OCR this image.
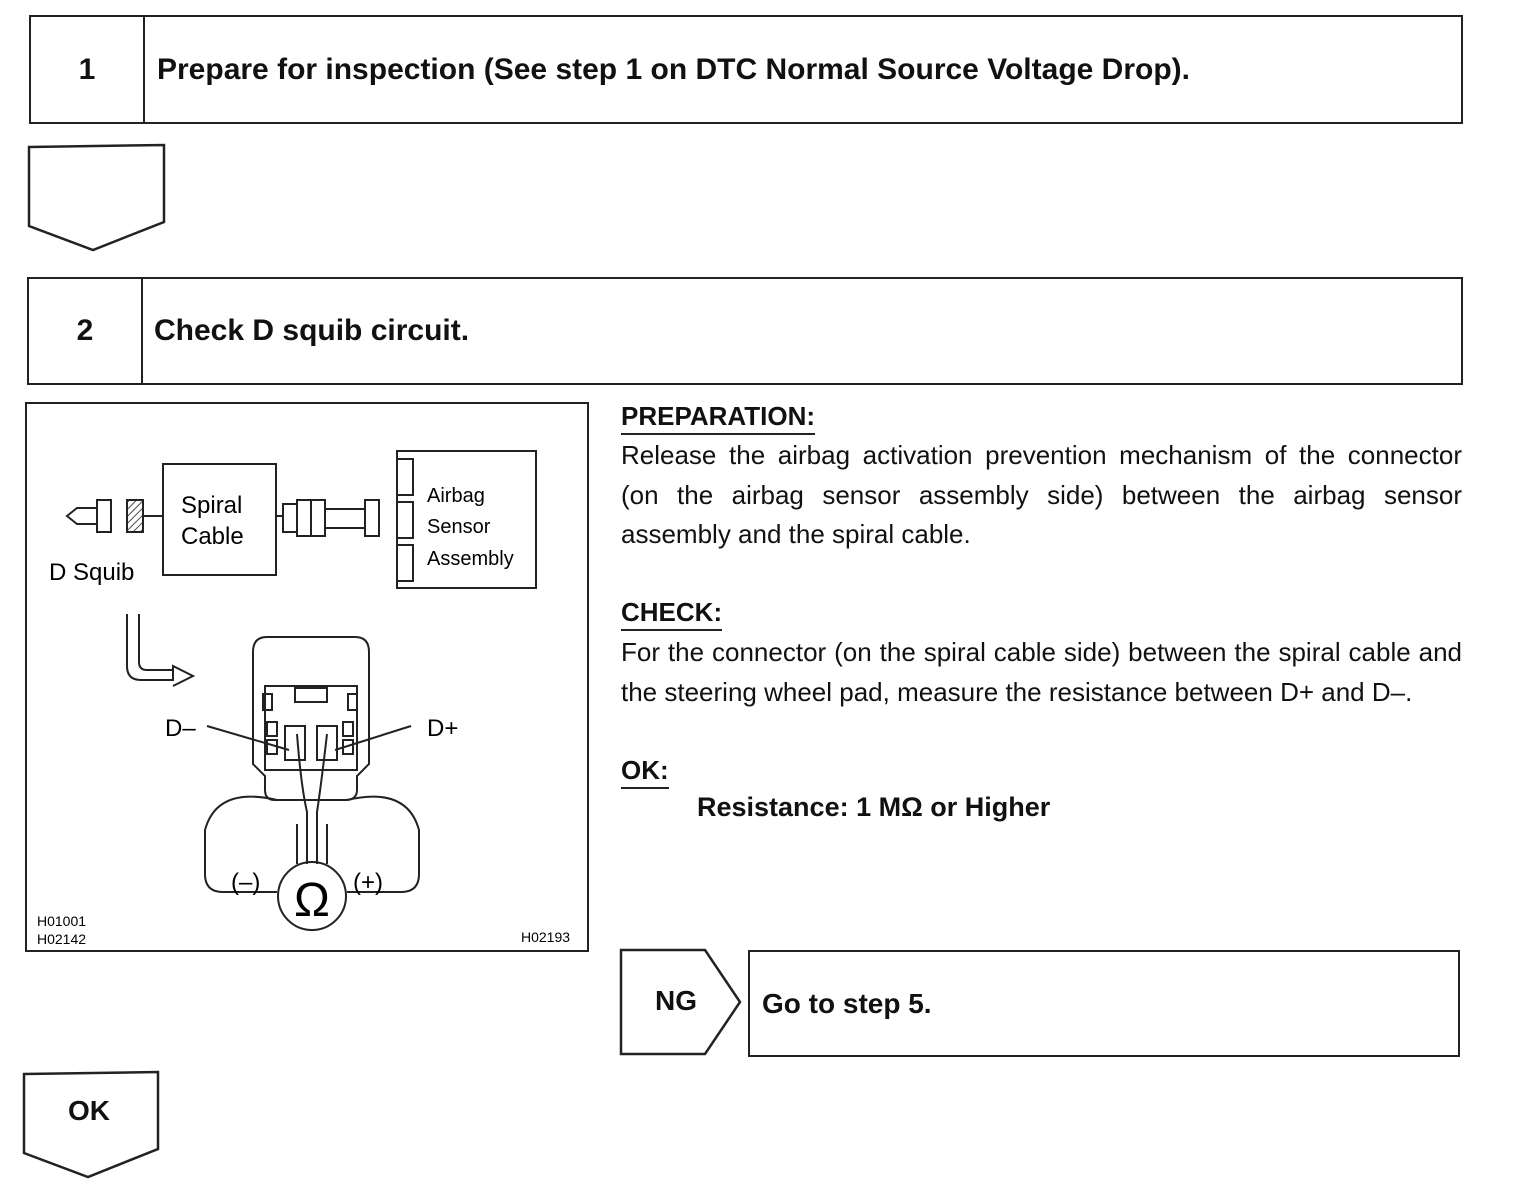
1	Prepare for inspection (See step 1 on DTC Normal Source Voltage Drop).
2	Check D squib circuit.
D Squib
Spiral
Cable
Airbag
Sensor
Assembly
D–	D+
(–)	(+)
Ω
H01001
H02142	H02193
PREPARATION:
Release the airbag activation prevention mechanism of the connector (on the airbag sensor assembly side) between the airbag sensor assembly and the spiral cable.
CHECK:
For the connector (on the spiral cable side) between the spiral cable and the steering wheel pad, measure the resistance between D+ and D–.
OK:
Resistance: 1 MΩ or Higher
NG	Go to step 5.
OK
